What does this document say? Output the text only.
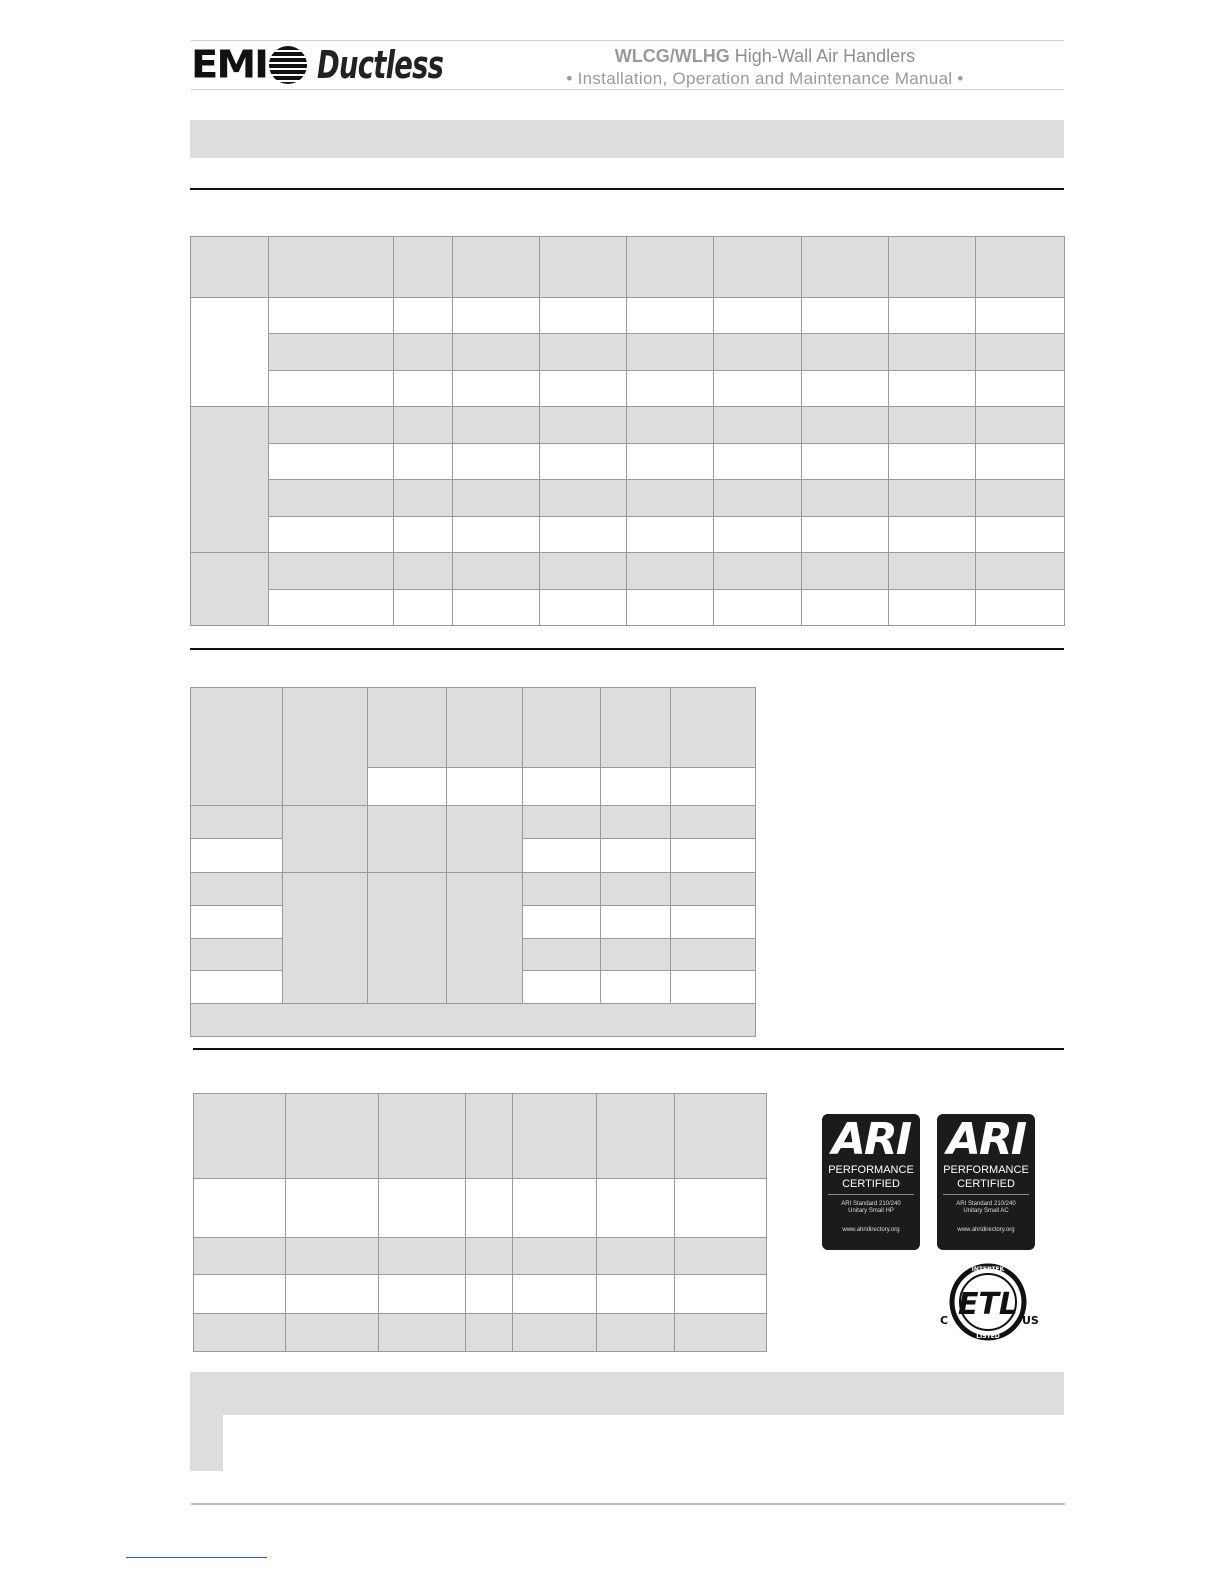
EMI Ductless	WLCG/WLHG High-Wall Air Handlers
• Installation, Operation and Maintenance Manual •

ARI
PERFORMANCE
CERTIFIED
ARI Standard 210/240
Unitary Small HP
www.ahridirectory.org
ARI
PERFORMANCE
CERTIFIED
ARI Standard 210/240
Unitary Small AC
www.ahridirectory.org
ETL
INTERTEK
LISTED
C	US
